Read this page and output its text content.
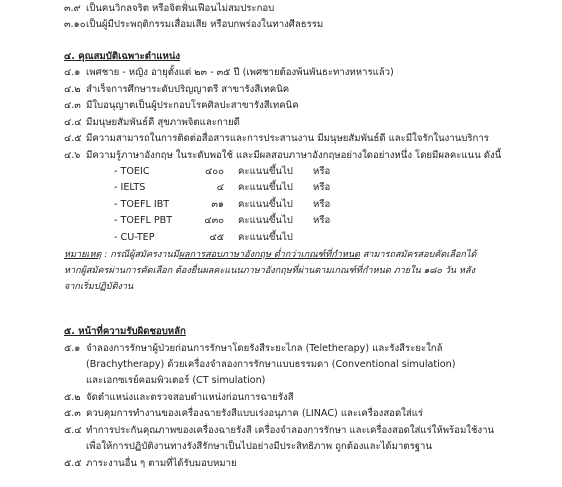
๓.๙ เป็นคนวิกลจริต หรือจิตฟั่นเฟือนไม่สมประกอบ
๓.๑๐ เป็นผู้มีประพฤติกรรมเสื่อมเสีย หรือบกพร่องในทางศีลธรรม
๔. คุณสมบัติเฉพาะตำแหน่ง
๔.๑ เพศชาย - หญิง อายุตั้งแต่ ๒๓ - ๓๕ ปี (เพศชายต้องพ้นพันธะทางทหารแล้ว)
๔.๒ สำเร็จการศึกษาระดับปริญญาตรี สาขารังสีเทคนิค
๔.๓ มีใบอนุญาตเป็นผู้ประกอบโรคศิลปะสาขารังสีเทคนิค
๔.๔ มีมนุษยสัมพันธ์ดี สุขภาพจิตและกายดี
๔.๕ มีความสามารถในการติดต่อสื่อสารและการประสานงาน มีมนุษยสัมพันธ์ดี และมีใจรักในงานบริการ
๔.๖ มีความรู้ภาษาอังกฤษ ในระดับพอใช้ และมีผลสอบภาษาอังกฤษอย่างใดอย่างหนึ่ง โดยมีผลคะแนน ดังนี้
- TOEIC	๔๐๐ คะแนนขึ้นไป หรือ
- IELTS	๔ คะแนนขึ้นไป หรือ
- TOEFL IBT	๓๑ คะแนนขึ้นไป หรือ
- TOEFL PBT	๔๓๐ คะแนนขึ้นไป หรือ
- CU-TEP	๔๕ คะแนนขึ้นไป
หมายเหตุ : กรณีผู้สมัครงานมีผลการสอบภาษาอังกฤษ ต่ำกว่าเกณฑ์ที่กำหนด สามารถสมัครสอบคัดเลือกได้
หากผู้สมัครผ่านการคัดเลือก ต้องยื่นผลคะแนนภาษาอังกฤษที่ผ่านตามเกณฑ์ที่กำหนด ภายใน ๑๘๐ วัน หลัง
จากเริ่มปฏิบัติงาน
๕. หน้าที่ความรับผิดชอบหลัก
๕.๑ จำลองการรักษาผู้ป่วยก่อนการรักษาโดยรังสีระยะไกล (Teletherapy) และรังสีระยะใกล้
(Brachytherapy) ด้วยเครื่องจำลองการรักษาแบบธรรมดา (Conventional simulation)
และเอกซเรย์คอมพิวเตอร์ (CT simulation)
๕.๒ จัดตำแหน่งและตรวจสอบตำแหน่งก่อนการฉายรังสี
๕.๓ ควบคุมการทำงานของเครื่องฉายรังสีแบบเร่งอนุภาค (LINAC) และเครื่องสอดใส่แร่
๕.๔ ทำการประกันคุณภาพของเครื่องฉายรังสี เครื่องจำลองการรักษา และเครื่องสอดใส่แร่ให้พร้อมใช้งาน
เพื่อให้การปฏิบัติงานทางรังสีรักษาเป็นไปอย่างมีประสิทธิภาพ ถูกต้องและได้มาตรฐาน
๕.๕ ภาระงานอื่น ๆ ตามที่ได้รับมอบหมาย
